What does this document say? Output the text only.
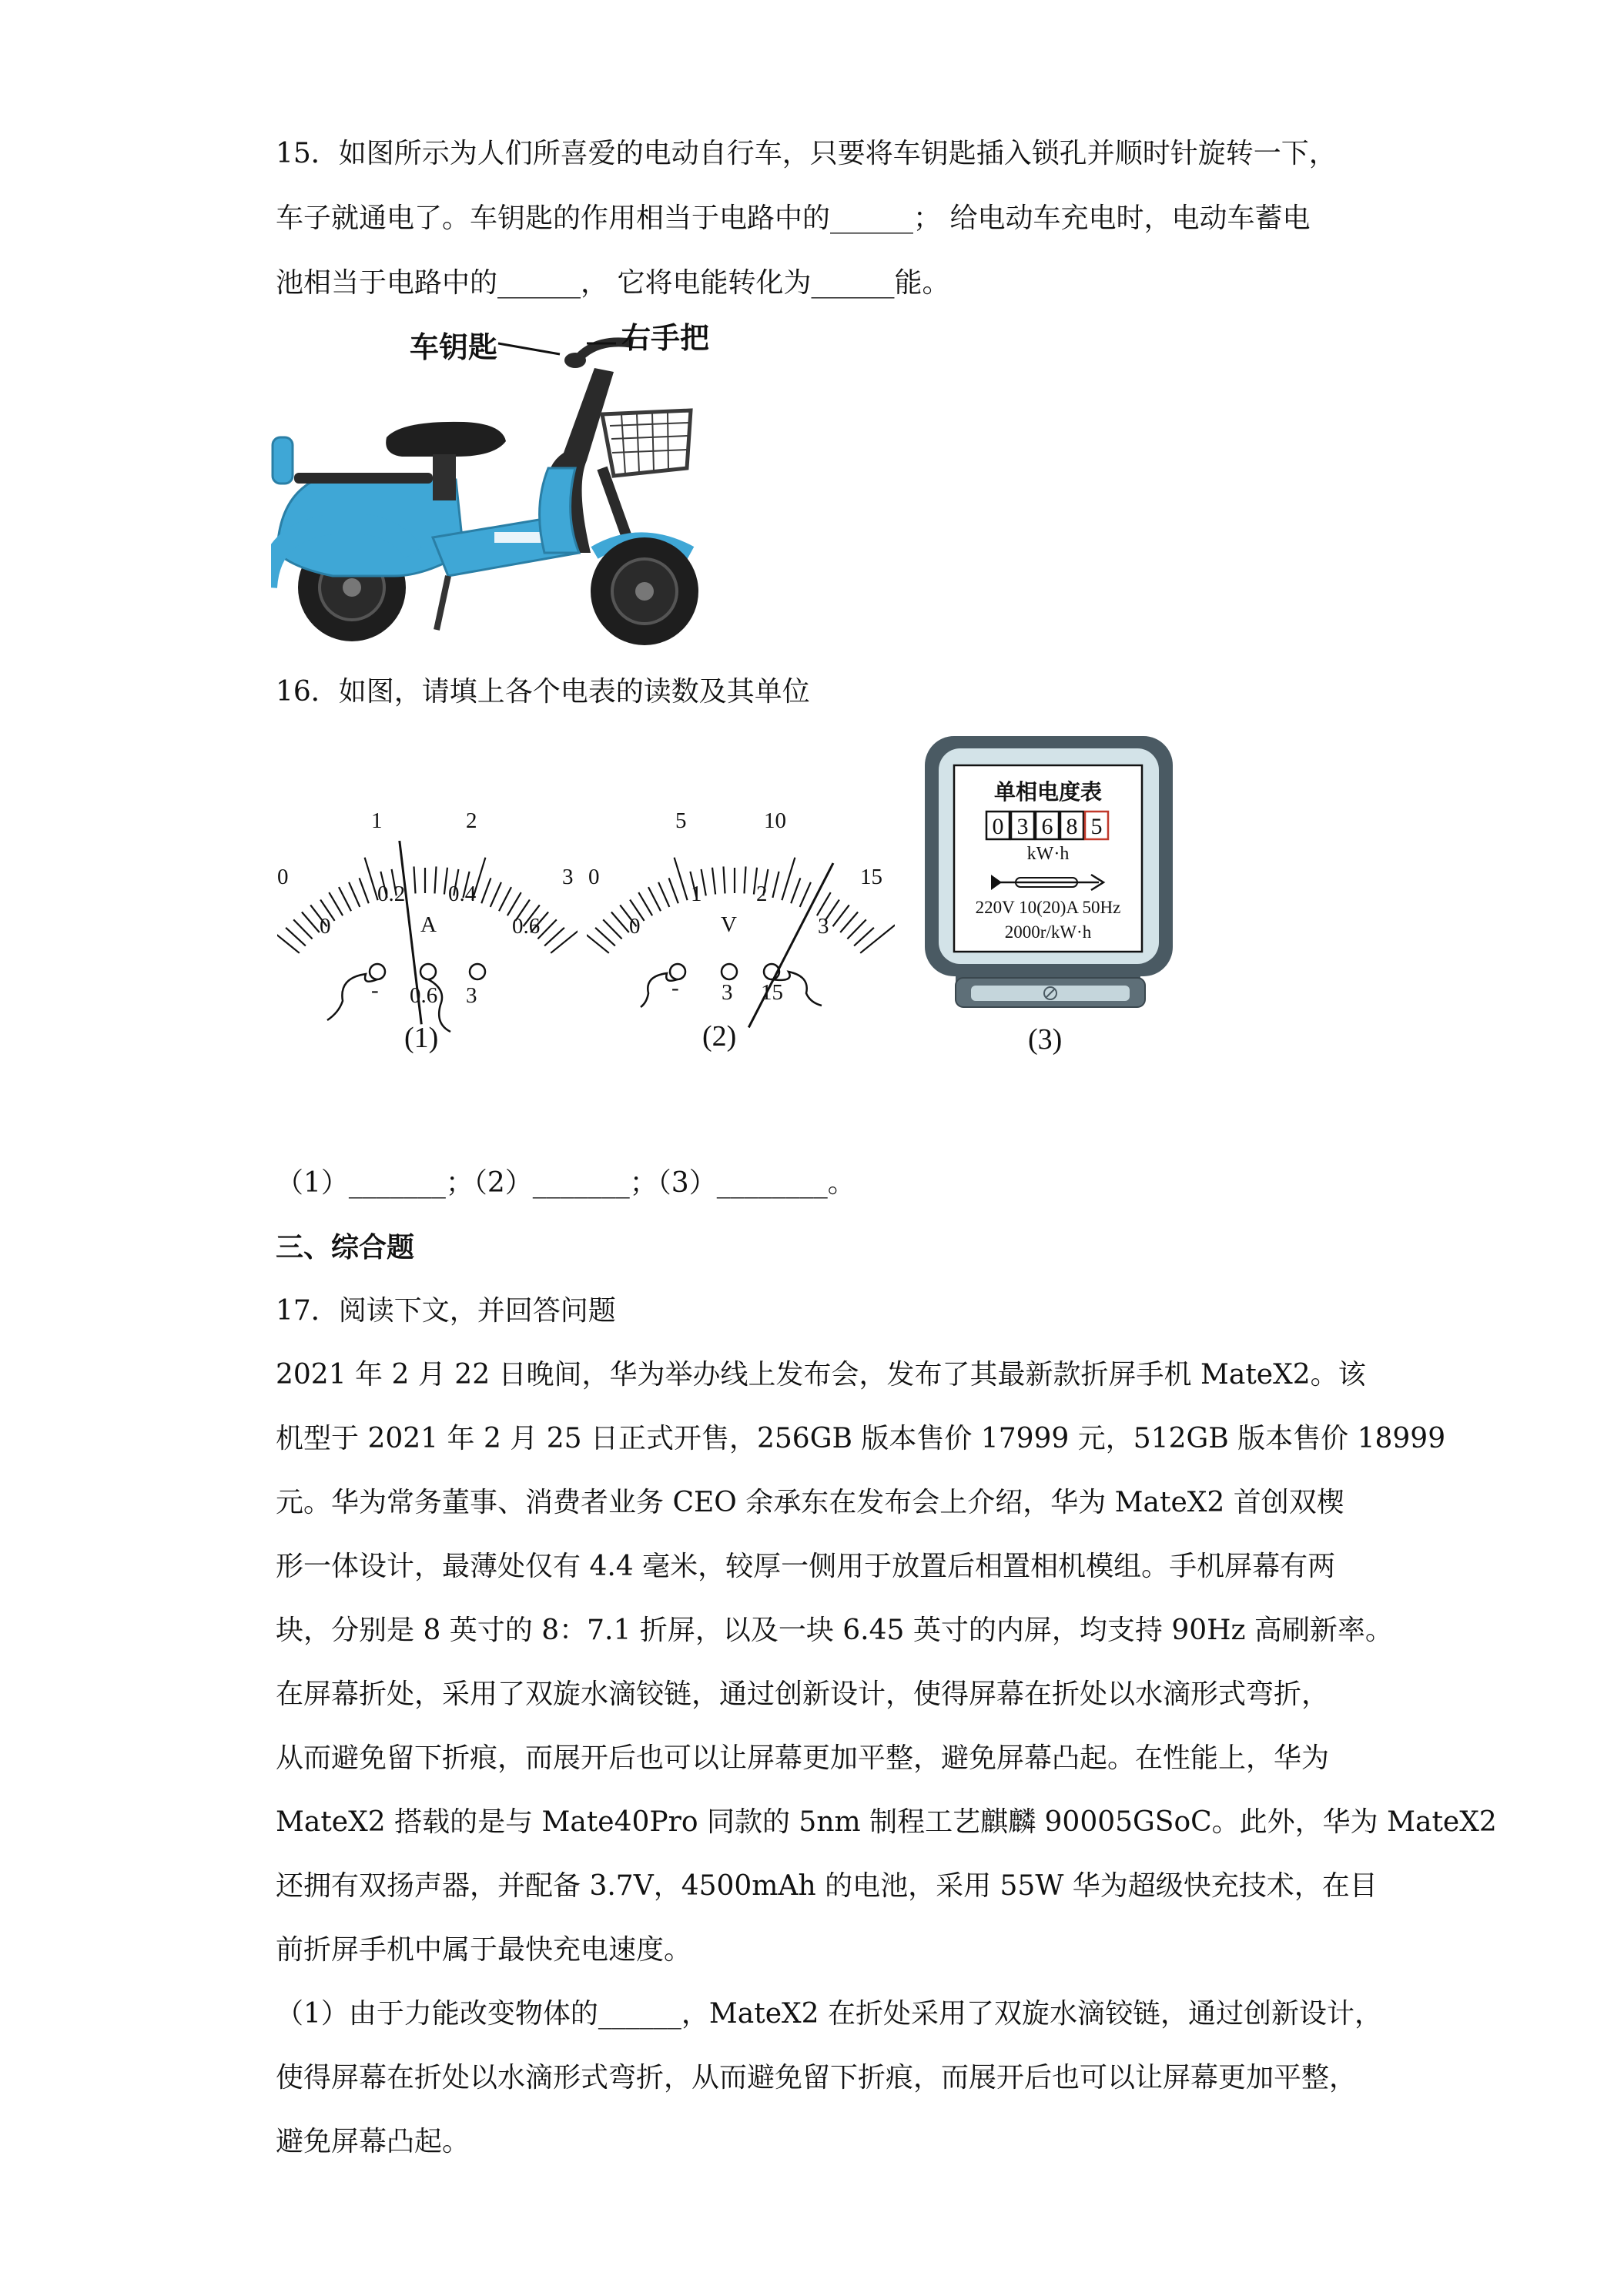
15．如图所示为人们所喜爱的电动自行车，只要将车钥匙插入锁孔并顺时针旋转一下，
车子就通电了。车钥匙的作用相当于电路中的______； 给电动车充电时，电动车蓄电
池相当于电路中的______， 它将电能转化为______能。
车钥匙	右手把
16．如图，请填上各个电表的读数及其单位
0
1	2
3
0
0.2 0.4
0.6
A
- 0.6 3
(1)
0
5	10
15
0
1 2
3
V
- 3 15
(2)
单相电度表
0 3 6 8 5
kW·h
220V 10(20)A 50Hz
2000r/kW·h
(3)
（1）_______；（2）_______；（3）________。
三、综合题
17．阅读下文，并回答问题
2021 年 2 月 22 日晚间，华为举办线上发布会，发布了其最新款折屏手机 MateX2。该
机型于 2021 年 2 月 25 日正式开售，256GB 版本售价 17999 元，512GB 版本售价 18999
元。华为常务董事、消费者业务 CEO 余承东在发布会上介绍，华为 MateX2 首创双楔
形一体设计，最薄处仅有 4.4 毫米，较厚一侧用于放置后相置相机模组。手机屏幕有两
块，分别是 8 英寸的 8：7.1 折屏，以及一块 6.45 英寸的内屏，均支持 90Hz 高刷新率。
在屏幕折处，采用了双旋水滴铰链，通过创新设计，使得屏幕在折处以水滴形式弯折，
从而避免留下折痕，而展开后也可以让屏幕更加平整，避免屏幕凸起。在性能上，华为
MateX2 搭载的是与 Mate40Pro 同款的 5nm 制程工艺麒麟 90005GSoC。此外，华为 MateX2
还拥有双扬声器，并配备 3.7V，4500mAh 的电池，采用 55W 华为超级快充技术，在目
前折屏手机中属于最快充电速度。
（1）由于力能改变物体的______，MateX2 在折处采用了双旋水滴铰链，通过创新设计，
使得屏幕在折处以水滴形式弯折，从而避免留下折痕，而展开后也可以让屏幕更加平整，
避免屏幕凸起。
